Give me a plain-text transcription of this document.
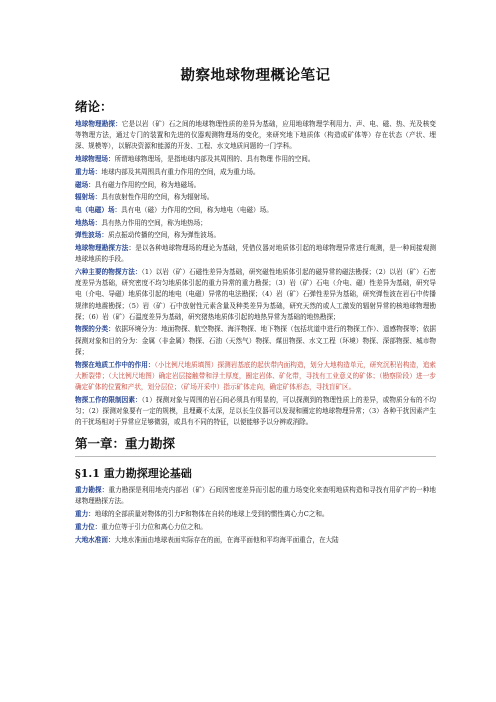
勘察地球物理概论笔记
绪论：

地球物理勘探：它是以岩（矿）石之间的地球物理性质的差异为基础，应用地球物理学利用力、声、电、磁、热、光及核变等物理方法，通过专门的装置和先进的仪器观测物理场的变化，来研究地下地质体（构造或矿体等）存在状态（产状、埋深、规模等），以解决资源和能源的开发、工程、水文地质问题的一门学科。

地球物理场：所谓地球物理场，是指地球内部及其周围的、具有物理 作用的空间。

重力场：地球内部及其周围具有重力作用的空间，成为重力场。

磁场：具有磁力作用的空间，称为地磁场。

辐射场：具有放射性作用的空间，称为辐射场。

电（电磁）场：具有电（磁）力作用的空间，称为地电（电磁）场。

地热场：具有热力作用的空间，称为地热场；

弹性波场：质点振动传播的空间，称为弹性波场。

地球物理勘探方法：是以各种地球物理场的理论为基础，凭借仪器对地质体引起的地球物理异常进行观测，是一种间接观测地球地质的手段。

六种主要的物探方法：（1）以岩（矿）石磁性差异为基础，研究磁性地质体引起的磁异常的磁法勘探；（2）以岩（矿）石密度差异为基础，研究密度不均匀地质体引起的重力异常的重力勘探；（3）岩（矿）石电（介电、磁）性差异为基础，研究导电（介电、导磁）地质体引起的地电（电磁）异常的电法勘探；（4）岩（矿）石弹性差异为基础，研究弹性波在岩石中传播规律的地震勘探；（5）岩（矿）石中放射性元素含量及种类差异为基础，研究天然的或人工激发的辐射异常的核地球物理勘探；（6）岩（矿）石温度差异为基础，研究猪热地质体引起的地热异常为基础的地热勘探；

物探的分类：依据环境分为：地面物探、航空物探、海洋物探、地下物探（包括坑道中进行的物探工作）、遥感物探等；依据探测对象和目的分为：金属（非金属）物探、石油（天然气）物探、煤田物探、水文工程（环境）物探、深部物探、城市物探；

物探在地质工作中的作用：（小比例尺地质填图）探测岩基底的起伏带内面构造，划分大地构造单元，研究沉积岩构造，追索大断裂带；（大比例尺地图）确定岩层接触带和浮土厚度，圈定岩体、矿化带，寻找有工业意义的矿体；（勘察阶段）进一步确定矿体的位置和产状，划分层位；（矿场开采中）指示矿体走向，确定矿体形态，寻找盲矿区。

物探工作的限制因素：（1）探测对象与周围的岩石间必须具有明显的，可以探测到的物理性质上的差异，或物质分布的不均匀；（2）探测对象要有一定的规模，且埋藏不太深，足以长生仪器可以发现和圈定的地球物理异常；（3）各种干扰因素产生的干扰场相对于异常应足够微弱，或具有不同的特征，以便能够予以分辨或消除。

第一章：重力勘探
§1.1 重力勘探理论基础

重力勘探：重力勘探是利用地壳内部岩（矿）石间因密度差异而引起的重力场变化来查明地质构造和寻找有用矿产的一种地球物理勘探方法。

重力：地球的全部质量对物体的引力F和物体在自转的地球上受到的惯性离心力C之和。

重力位：重力位等于引力位和离心力位之和。

大地水准面：大地水准面由地球表面实际存在的面，在海平面他和平均海平面重合，在大陆
